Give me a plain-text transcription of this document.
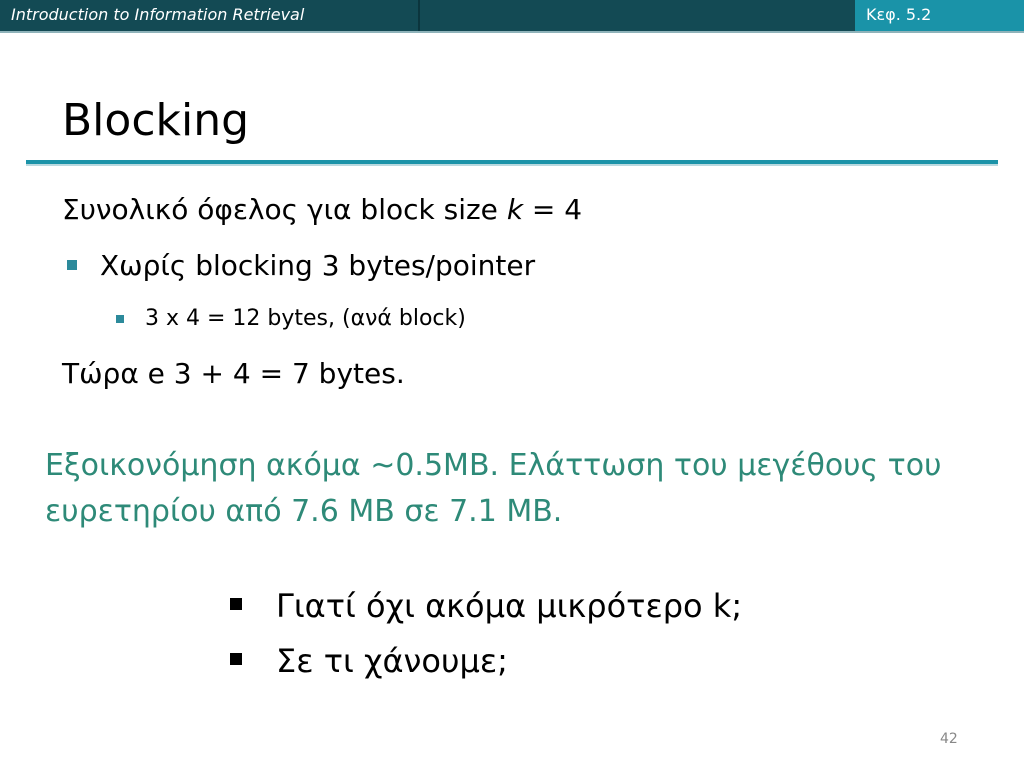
Introduction to Information Retrieval	Κεφ. 5.2
Blocking
Συνολικό όφελος για block size k = 4
Χωρίς blocking 3 bytes/pointer
3 x 4 = 12 bytes, (ανά block)
Τώρα e 3 + 4 = 7 bytes.
Εξοικονόμηση ακόμα ~0.5MB. Ελάττωση του μεγέθους του ευρετηρίου από 7.6 MB σε 7.1 MB.
Γιατί όχι ακόμα μικρότερο k;
Σε τι χάνουμε;
42
